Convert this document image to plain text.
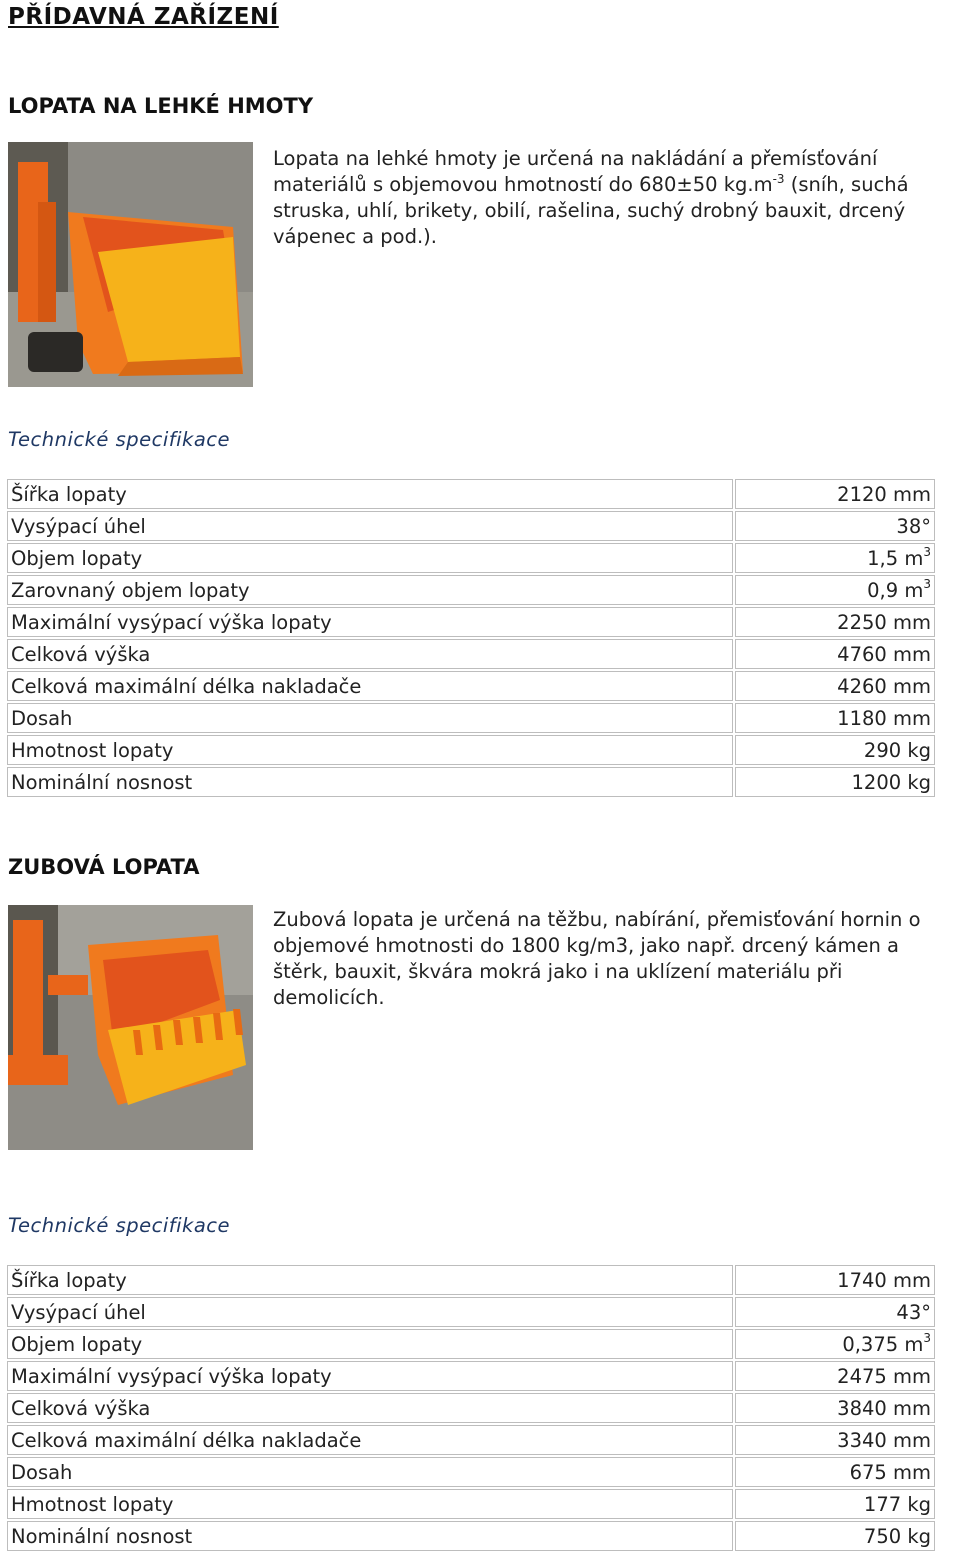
PŘÍDAVNÁ ZAŘÍZENÍ
LOPATA NA LEHKÉ HMOTY

Lopata na lehké hmoty je určená na nakládání a přemísťování materiálů s objemovou hmotností do 680±50 $kg.m^{-3}$ (sníh, suchá struska, uhlí, brikety, obilí, rašelina, suchý drobný bauxit, drcený vápenec a pod.).

Technické specifikace

Šířka lopaty	2120 mm
Vysýpací úhel	38°
Objem lopaty	1,5 $m^3$
Zarovnaný objem lopaty	0,9 $m^3$
Maximální vysýpací výška lopaty	2250 mm
Celková výška	4760 mm
Celková maximální délka nakladače	4260 mm
Dosah	1180 mm
Hmotnost lopaty	290 kg
Nominální nosnost	1200 kg
ZUBOVÁ LOPATA

Zubová lopata je určená na těžbu, nabírání, přemisťování hornin o objemové hmotnosti do 1800 kg/m3, jako např. drcený kámen a štěrk, bauxit, škvára mokrá jako i na uklízení materiálu při demolicích.

Technické specifikace

Šířka lopaty	1740 mm
Vysýpací úhel	43°
Objem lopaty	0,375 $m^3$
Maximální vysýpací výška lopaty	2475 mm
Celková výška	3840 mm
Celková maximální délka nakladače	3340 mm
Dosah	675 mm
Hmotnost lopaty	177 kg
Nominální nosnost	750 kg
